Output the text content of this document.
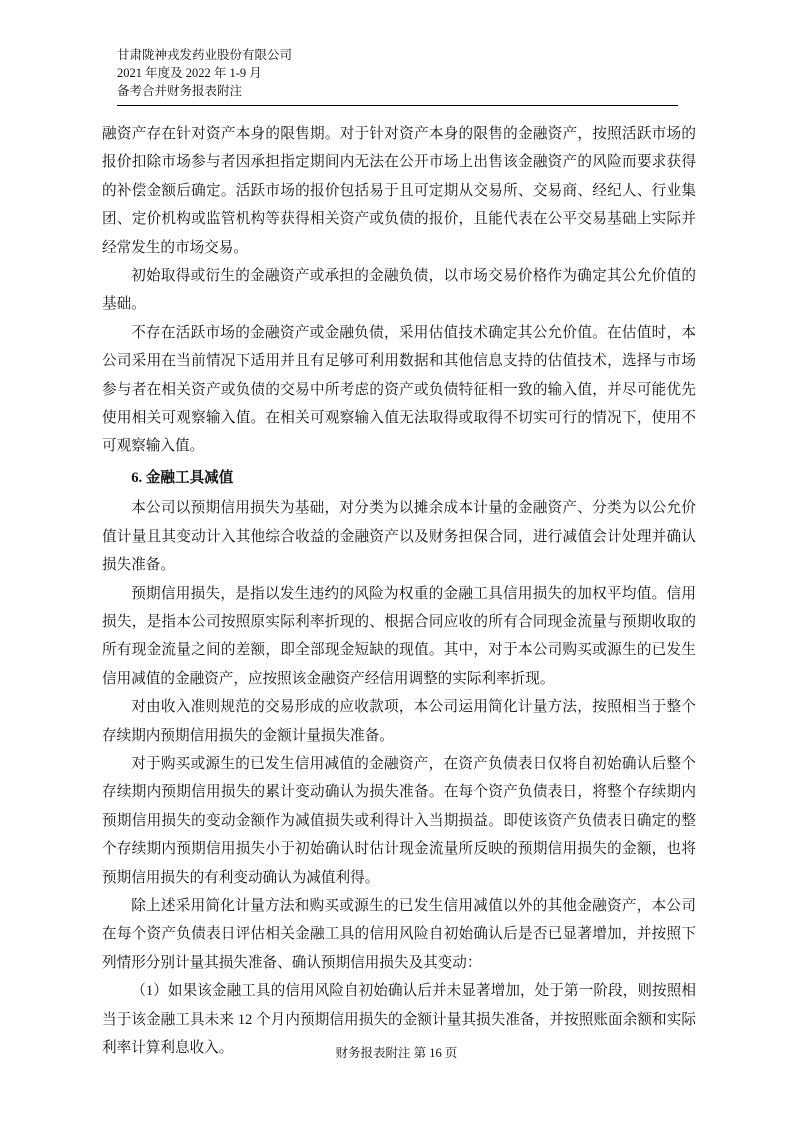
甘肃陇神戎发药业股份有限公司
2021 年度及 2022 年 1-9 月
备考合并财务报表附注

融资产存在针对资产本身的限售期。对于针对资产本身的限售的金融资产，按照活跃市场的报价扣除市场参与者因承担指定期间内无法在公开市场上出售该金融资产的风险而要求获得的补偿金额后确定。活跃市场的报价包括易于且可定期从交易所、交易商、经纪人、行业集团、定价机构或监管机构等获得相关资产或负债的报价，且能代表在公平交易基础上实际并经常发生的市场交易。

初始取得或衍生的金融资产或承担的金融负债，以市场交易价格作为确定其公允价值的基础。

不存在活跃市场的金融资产或金融负债，采用估值技术确定其公允价值。在估值时，本公司采用在当前情况下适用并且有足够可利用数据和其他信息支持的估值技术，选择与市场参与者在相关资产或负债的交易中所考虑的资产或负债特征相一致的输入值，并尽可能优先使用相关可观察输入值。在相关可观察输入值无法取得或取得不切实可行的情况下，使用不可观察输入值。

6. 金融工具减值

本公司以预期信用损失为基础，对分类为以摊余成本计量的金融资产、分类为以公允价值计量且其变动计入其他综合收益的金融资产以及财务担保合同，进行减值会计处理并确认损失准备。

预期信用损失，是指以发生违约的风险为权重的金融工具信用损失的加权平均值。信用损失，是指本公司按照原实际利率折现的、根据合同应收的所有合同现金流量与预期收取的所有现金流量之间的差额，即全部现金短缺的现值。其中，对于本公司购买或源生的已发生信用减值的金融资产，应按照该金融资产经信用调整的实际利率折现。

对由收入准则规范的交易形成的应收款项，本公司运用简化计量方法，按照相当于整个存续期内预期信用损失的金额计量损失准备。

对于购买或源生的已发生信用减值的金融资产，在资产负债表日仅将自初始确认后整个存续期内预期信用损失的累计变动确认为损失准备。在每个资产负债表日，将整个存续期内预期信用损失的变动金额作为减值损失或利得计入当期损益。即使该资产负债表日确定的整个存续期内预期信用损失小于初始确认时估计现金流量所反映的预期信用损失的金额，也将预期信用损失的有利变动确认为减值利得。

除上述采用简化计量方法和购买或源生的已发生信用减值以外的其他金融资产，本公司在每个资产负债表日评估相关金融工具的信用风险自初始确认后是否已显著增加，并按照下列情形分别计量其损失准备、确认预期信用损失及其变动：

（1）如果该金融工具的信用风险自初始确认后并未显著增加，处于第一阶段，则按照相当于该金融工具未来 12 个月内预期信用损失的金额计量其损失准备，并按照账面余额和实际利率计算利息收入。	财务报表附注 第 16 页
